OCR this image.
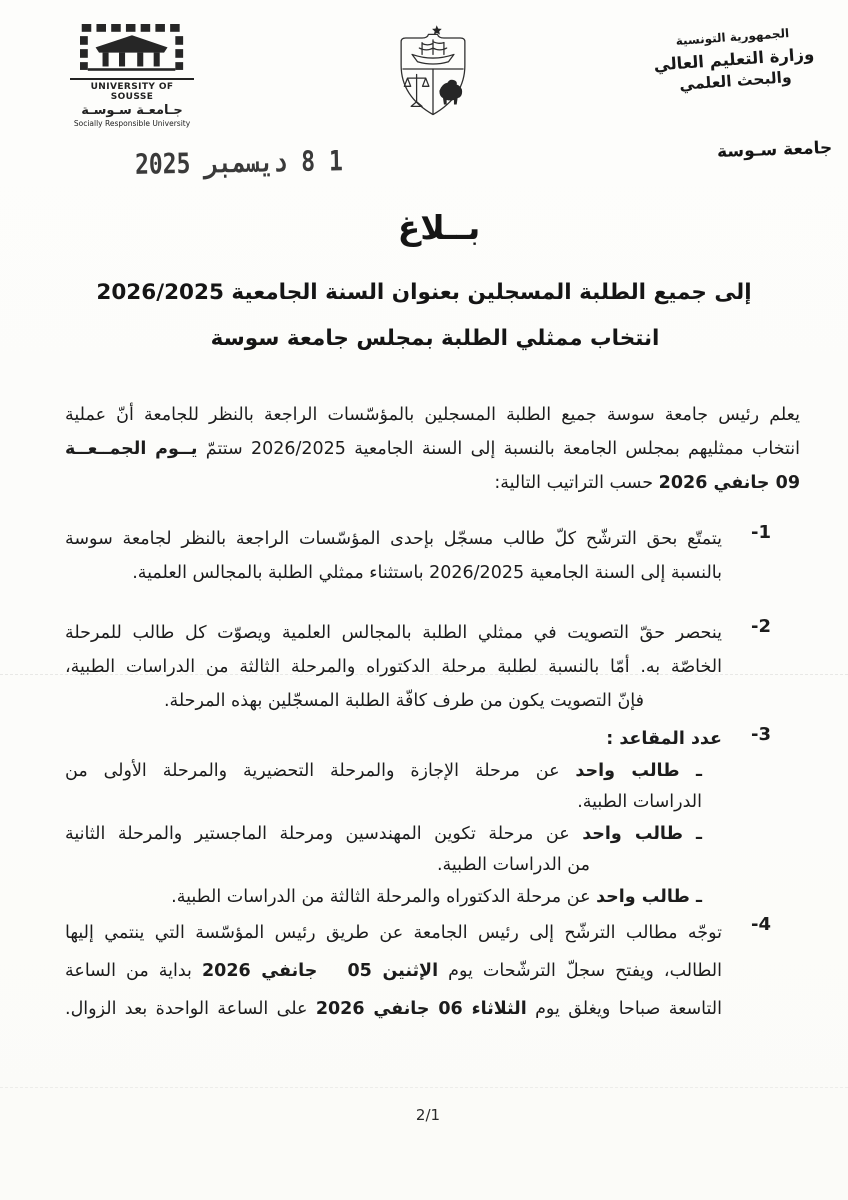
UNIVERSITY OF SOUSSE
جـامعـة سـوسـة
Socially Responsible University
الجمهورية التونسية
وزارة التعليم العالي
والبحث العلمي
جامعة سـوسة
1 8 ديسمبر 2025
بــلاغ
إلى جميع الطلبة المسجلين بعنوان السنة الجامعية 2026/2025
انتخاب ممثلي الطلبة بمجلس جامعة سوسة
يعلم رئيس جامعة سوسة جميع الطلبة المسجلين بالمؤسّسات الراجعة بالنظر للجامعة أنّ عملية
انتخاب ممثليهم بمجلس الجامعة بالنسبة إلى السنة الجامعية 2026/2025 ستتمّ يــوم الجمــعــة
09 جانفي 2026 حسب التراتيب التالية:
1-
يتمتّع بحق الترشّح كلّ طالب مسجّل بإحدى المؤسّسات الراجعة بالنظر لجامعة سوسة
بالنسبة إلى السنة الجامعية 2026/2025 باستثناء ممثلي الطلبة بالمجالس العلمية.
2-
ينحصر حقّ التصويت في ممثلي الطلبة بالمجالس العلمية ويصوّت كل طالب للمرحلة
الخاصّة به. أمّا بالنسبة لطلبة مرحلة الدكتوراه والمرحلة الثالثة من الدراسات الطبية،
فإنّ التصويت يكون من طرف كافّة الطلبة المسجّلين بهذه المرحلة.
3-
عدد المقاعد :
ـ طالب واحد عن مرحلة الإجازة والمرحلة التحضيرية والمرحلة الأولى من
الدراسات الطبية.
ـ طالب واحد عن مرحلة تكوين المهندسين ومرحلة الماجستير والمرحلة الثانية
من الدراسات الطبية.
ـ طالب واحد عن مرحلة الدكتوراه والمرحلة الثالثة من الدراسات الطبية.
4-
توجّه مطالب الترشّح إلى رئيس الجامعة عن طريق رئيس المؤسّسة التي ينتمي إليها
الطالب، ويفتح سجلّ الترشّحات يوم الإثنين 05   جانفي 2026 بداية من الساعة
التاسعة صباحا ويغلق يوم الثلاثاء 06 جانفي 2026 على الساعة الواحدة بعد الزوال.
2/1
